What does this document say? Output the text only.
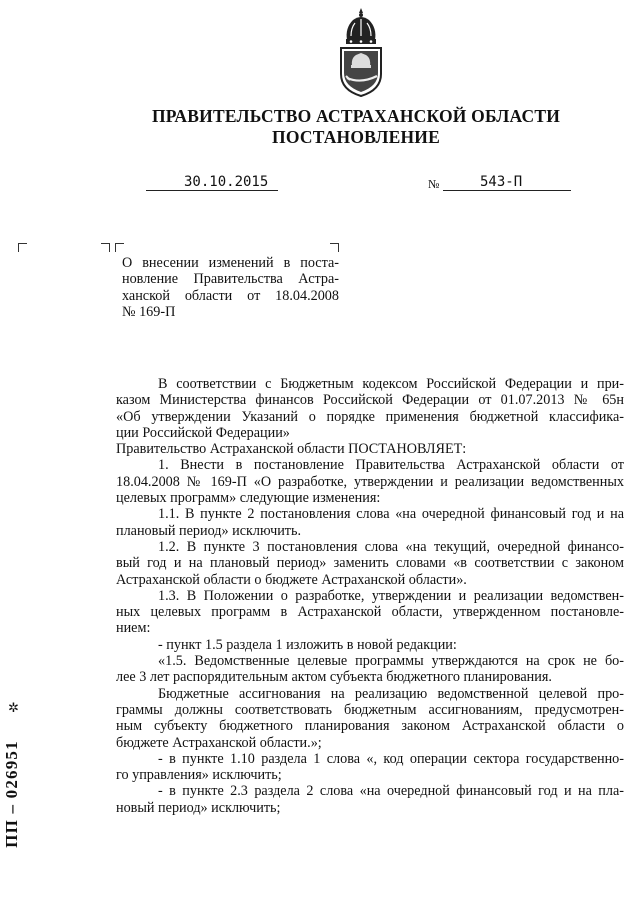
ПРАВИТЕЛЬСТВО АСТРАХАНСКОЙ ОБЛАСТИ
ПОСТАНОВЛЕНИЕ
30.10.2015	№	543-П
О внесении изменений в поста-
новление Правительства Астра-
ханской области от 18.04.2008
№ 169-П
В соответствии с Бюджетным кодексом Российской Федерации и при-
казом Министерства финансов Российской Федерации от 01.07.2013 № 65н
«Об утверждении Указаний о порядке применения бюджетной классифика-
ции Российской Федерации»
Правительство Астраханской области ПОСТАНОВЛЯЕТ:
1. Внести в постановление Правительства Астраханской области от
18.04.2008 № 169-П «О разработке, утверждении и реализации ведомственных
целевых программ» следующие изменения:
1.1. В пункте 2 постановления слова «на очередной финансовый год и на
плановый период» исключить.
1.2. В пункте 3 постановления слова «на текущий, очередной финансо-
вый год и на плановый период» заменить словами «в соответствии с законом
Астраханской области о бюджете Астраханской области».
1.3. В Положении о разработке, утверждении и реализации ведомствен-
ных целевых программ в Астраханской области, утвержденном постановле-
нием:
- пункт 1.5 раздела 1 изложить в новой редакции:
«1.5. Ведомственные целевые программы утверждаются на срок не бо-
лее 3 лет распорядительным актом субъекта бюджетного планирования.
Бюджетные ассигнования на реализацию ведомственной целевой про-
граммы должны соответствовать бюджетным ассигнованиям, предусмотрен-
ным субъекту бюджетного планирования законом Астраханской области о
бюджете Астраханской области.»;
- в пункте 1.10 раздела 1 слова «, код операции сектора государственно-
го управления» исключить;
- в пункте 2.3 раздела 2 слова «на очередной финансовый год и на пла-
новый период» исключить;
✲
ПП – 026951
